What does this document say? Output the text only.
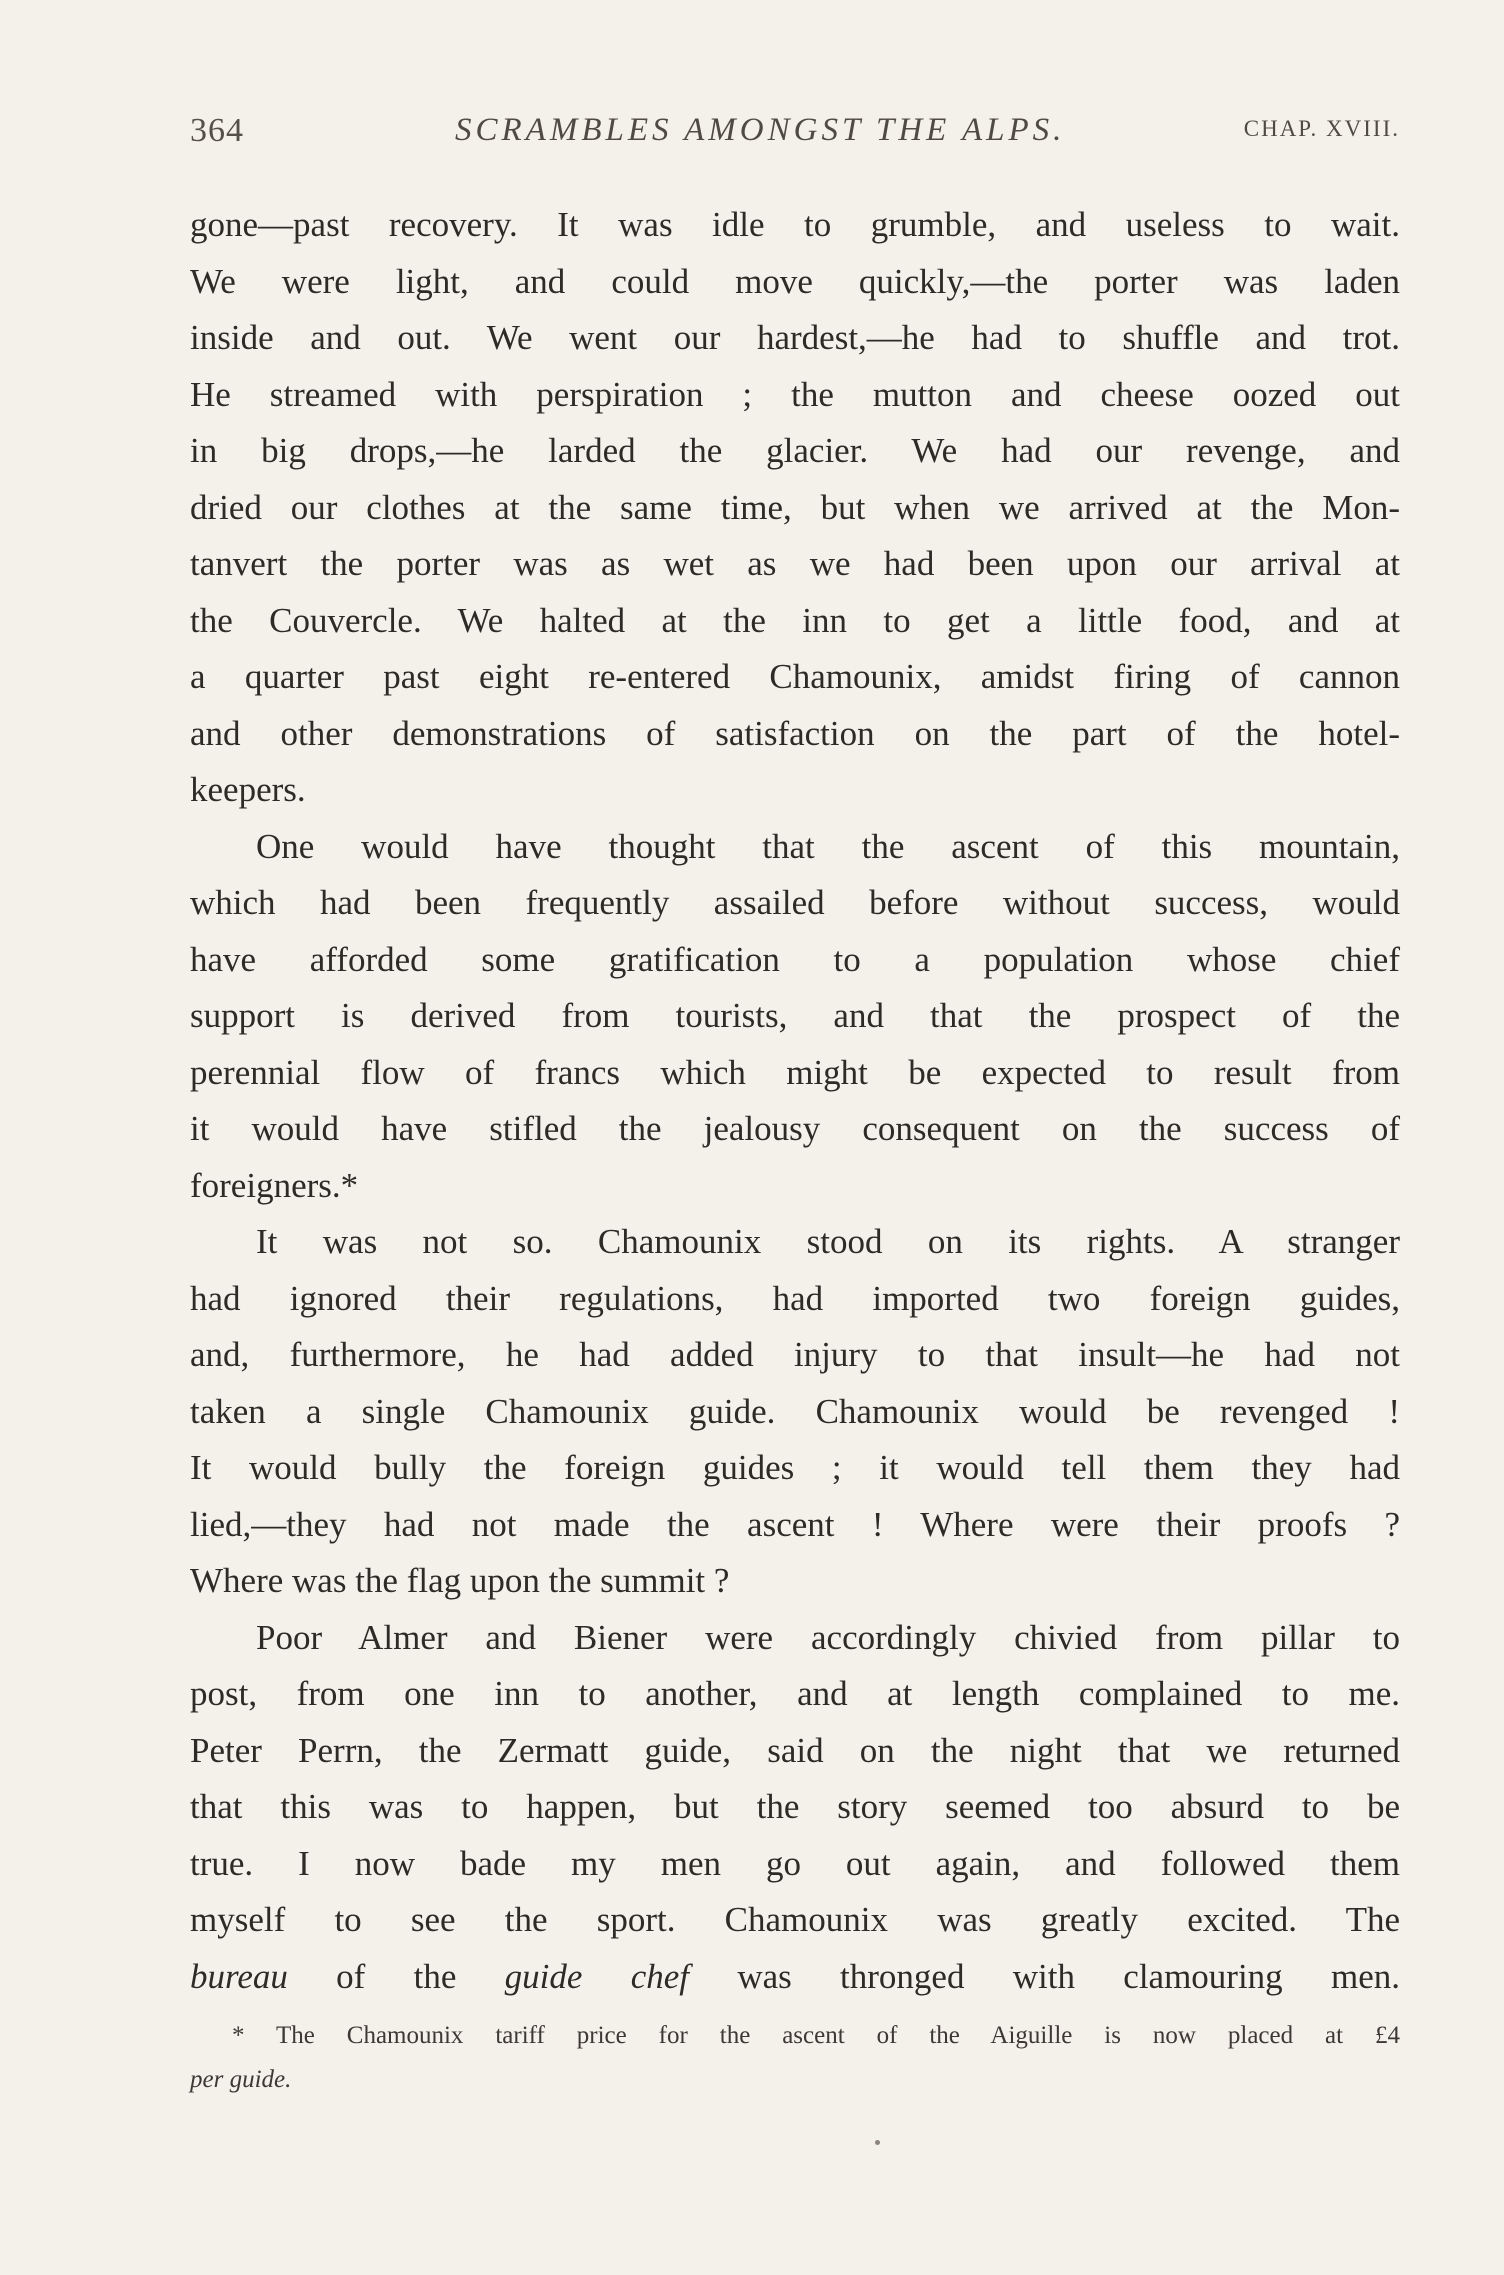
364	SCRAMBLES AMONGST THE ALPS.	CHAP. XVIII.
gone—past recovery. It was idle to grumble, and useless to wait.
We were light, and could move quickly,—the porter was laden
inside and out. We went our hardest,—he had to shuffle and trot.
He streamed with perspiration ; the mutton and cheese oozed out
in big drops,—he larded the glacier. We had our revenge, and
dried our clothes at the same time, but when we arrived at the Mon-
tanvert the porter was as wet as we had been upon our arrival at
the Couvercle. We halted at the inn to get a little food, and at
a quarter past eight re-entered Chamounix, amidst firing of cannon
and other demonstrations of satisfaction on the part of the hotel-
keepers.
One would have thought that the ascent of this mountain,
which had been frequently assailed before without success, would
have afforded some gratification to a population whose chief
support is derived from tourists, and that the prospect of the
perennial flow of francs which might be expected to result from
it would have stifled the jealousy consequent on the success of
foreigners.*
It was not so. Chamounix stood on its rights. A stranger
had ignored their regulations, had imported two foreign guides,
and, furthermore, he had added injury to that insult—he had not
taken a single Chamounix guide. Chamounix would be revenged !
It would bully the foreign guides ; it would tell them they had
lied,—they had not made the ascent ! Where were their proofs ?
Where was the flag upon the summit ?
Poor Almer and Biener were accordingly chivied from pillar to
post, from one inn to another, and at length complained to me.
Peter Perrn, the Zermatt guide, said on the night that we returned
that this was to happen, but the story seemed too absurd to be
true. I now bade my men go out again, and followed them
myself to see the sport. Chamounix was greatly excited. The
bureau of the guide chef was thronged with clamouring men.
* The Chamounix tariff price for the ascent of the Aiguille is now placed at £4
per guide.
